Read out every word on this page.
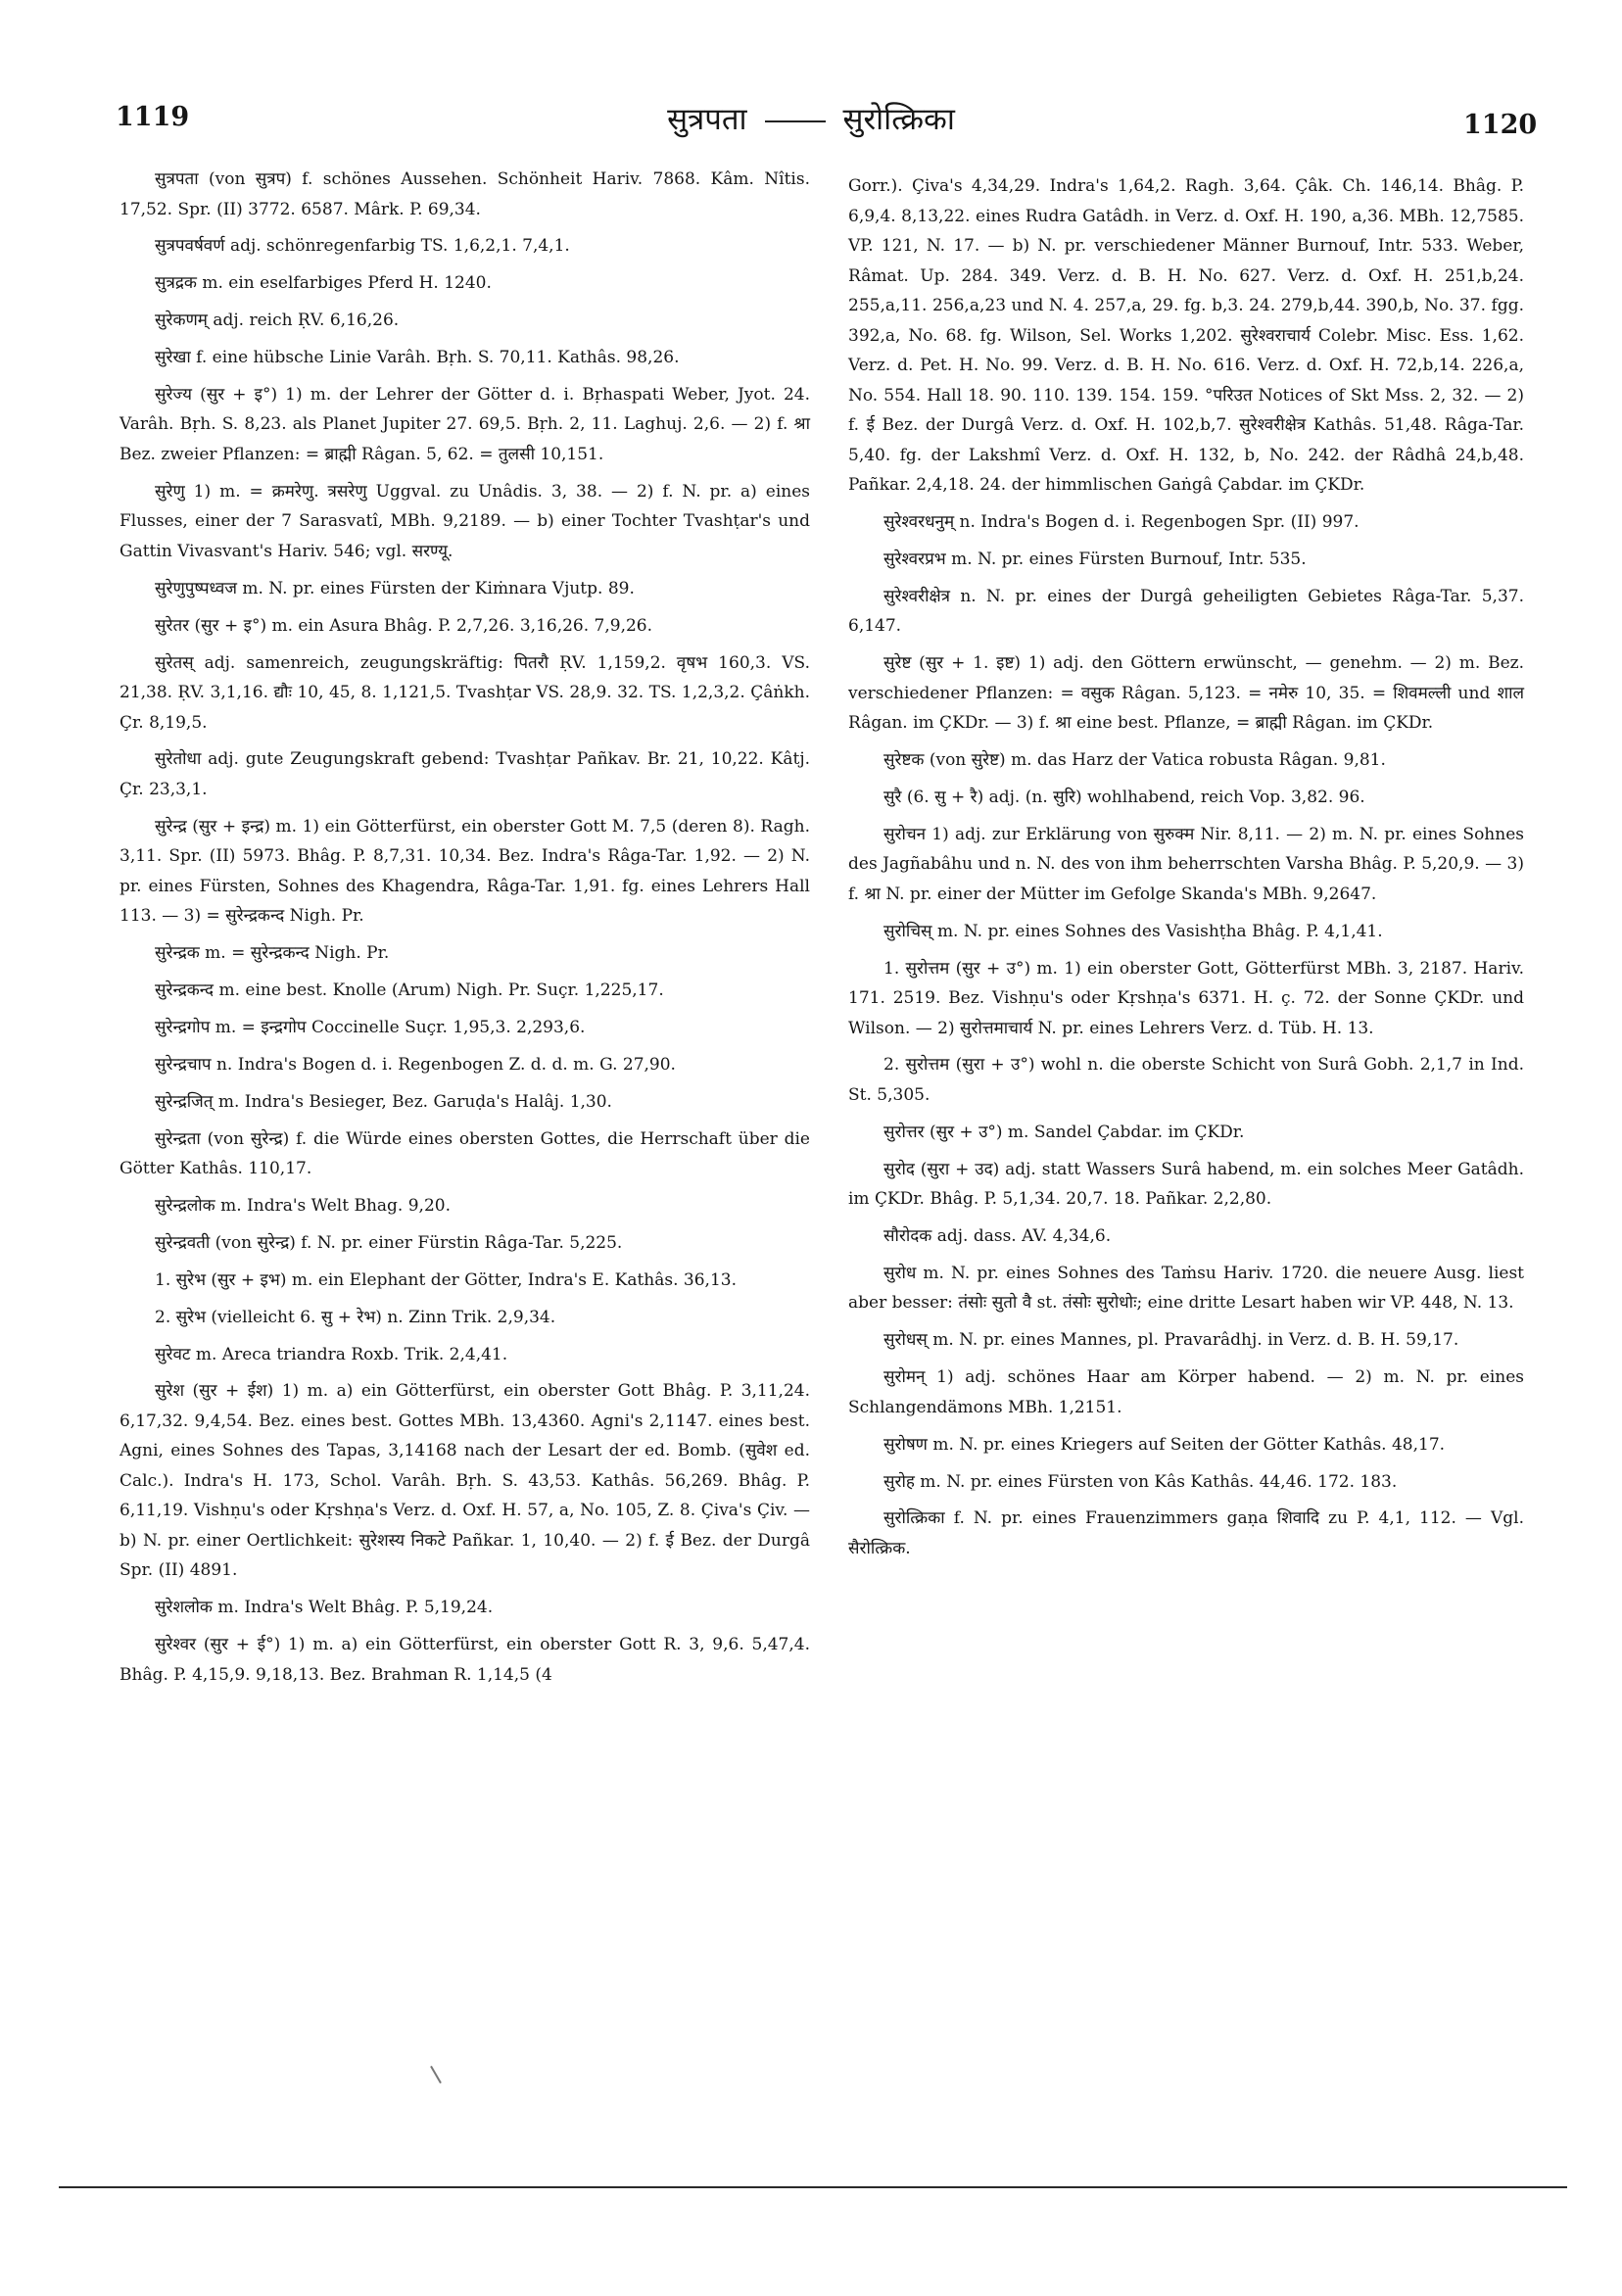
1119	सुत्रपता	सुरोत्क्रिका	1120

सुत्रपता (von सुत्रप) f. schönes Aussehen. Schönheit Hariv. 7868. Kâm. Nîtis. 17,52. Spr. (II) 3772. 6587. Mârk. P. 69,34.

सुत्रपवर्षवर्ण adj. schönregenfarbig TS. 1,6,2,1. 7,4,1.

सुत्रद्रक m. ein eselfarbiges Pferd H. 1240.

सुरेकणम् adj. reich ṚV. 6,16,26.

सुरेखा f. eine hübsche Linie Varâh. Bṛh. S. 70,11. Kathâs. 98,26.

सुरेज्य (सुर + इ°) 1) m. der Lehrer der Götter d. i. Bṛhaspati Weber, Jyot. 24. Varâh. Bṛh. S. 8,23. als Planet Jupiter 27. 69,5. Bṛh. 2, 11. Laghuj. 2,6. — 2) f. श्रा Bez. zweier Pflanzen: = ब्राह्मी Râgan. 5, 62. = तुलसी 10,151.

सुरेणु 1) m. = क्रमरेणु. त्रसरेणु Uggval. zu Unâdis. 3, 38. — 2) f. N. pr. a) eines Flusses, einer der 7 Sarasvatî, MBh. 9,2189. — b) einer Tochter Tvashṭar's und Gattin Vivasvant's Hariv. 546; vgl. सरण्यू.

सुरेणुपुष्पध्वज m. N. pr. eines Fürsten der Kiṁnara Vjutp. 89.

सुरेतर (सुर + इ°) m. ein Asura Bhâg. P. 2,7,26. 3,16,26. 7,9,26.

सुरेतस् adj. samenreich, zeugungskräftig: पितरौ ṚV. 1,159,2. वृषभ 160,3. VS. 21,38. ṚV. 3,1,16. द्यौः 10, 45, 8. 1,121,5. Tvashṭar VS. 28,9. 32. TS. 1,2,3,2. Çâṅkh. Çr. 8,19,5.

सुरेतोधा adj. gute Zeugungskraft gebend: Tvashṭar Pañkav. Br. 21, 10,22. Kâtj. Çr. 23,3,1.

सुरेन्द्र (सुर + इन्द्र) m. 1) ein Götterfürst, ein oberster Gott M. 7,5 (deren 8). Ragh. 3,11. Spr. (II) 5973. Bhâg. P. 8,7,31. 10,34. Bez. Indra's Râga-Tar. 1,92. — 2) N. pr. eines Fürsten, Sohnes des Khagendra, Râga-Tar. 1,91. fg. eines Lehrers Hall 113. — 3) = सुरेन्द्रकन्द Nigh. Pr.

सुरेन्द्रक m. = सुरेन्द्रकन्द Nigh. Pr.

सुरेन्द्रकन्द m. eine best. Knolle (Arum) Nigh. Pr. Suçr. 1,225,17.

सुरेन्द्रगोप m. = इन्द्रगोप Coccinelle Suçr. 1,95,3. 2,293,6.

सुरेन्द्रचाप n. Indra's Bogen d. i. Regenbogen Z. d. d. m. G. 27,90.

सुरेन्द्रजित् m. Indra's Besieger, Bez. Garuḍa's Halâj. 1,30.

सुरेन्द्रता (von सुरेन्द्र) f. die Würde eines obersten Gottes, die Herrschaft über die Götter Kathâs. 110,17.

सुरेन्द्रलोक m. Indra's Welt Bhag. 9,20.

सुरेन्द्रवती (von सुरेन्द्र) f. N. pr. einer Fürstin Râga-Tar. 5,225.

1. सुरेभ (सुर + इभ) m. ein Elephant der Götter, Indra's E. Kathâs. 36,13.

2. सुरेभ (vielleicht 6. सु + रेभ) n. Zinn Trik. 2,9,34.

सुरेवट m. Areca triandra Roxb. Trik. 2,4,41.

सुरेश (सुर + ईश) 1) m. a) ein Götterfürst, ein oberster Gott Bhâg. P. 3,11,24. 6,17,32. 9,4,54. Bez. eines best. Gottes MBh. 13,4360. Agni's 2,1147. eines best. Agni, eines Sohnes des Tapas, 3,14168 nach der Lesart der ed. Bomb. (सुवेश ed. Calc.). Indra's H. 173, Schol. Varâh. Bṛh. S. 43,53. Kathâs. 56,269. Bhâg. P. 6,11,19. Vishṇu's oder Kṛshṇa's Verz. d. Oxf. H. 57, a, No. 105, Z. 8. Çiva's Çiv. — b) N. pr. einer Oertlichkeit: सुरेशस्य निकटे Pañkar. 1, 10,40. — 2) f. ई Bez. der Durgâ Spr. (II) 4891.

सुरेशलोक m. Indra's Welt Bhâg. P. 5,19,24.

सुरेश्वर (सुर + ई°) 1) m. a) ein Götterfürst, ein oberster Gott R. 3, 9,6. 5,47,4. Bhâg. P. 4,15,9. 9,18,13. Bez. Brahman R. 1,14,5 (4

Gorr.). Çiva's 4,34,29. Indra's 1,64,2. Ragh. 3,64. Çâk. Ch. 146,14. Bhâg. P. 6,9,4. 8,13,22. eines Rudra Gatâdh. in Verz. d. Oxf. H. 190, a,36. MBh. 12,7585. VP. 121, N. 17. — b) N. pr. verschiedener Männer Burnouf, Intr. 533. Weber, Râmat. Up. 284. 349. Verz. d. B. H. No. 627. Verz. d. Oxf. H. 251,b,24. 255,a,11. 256,a,23 und N. 4. 257,a, 29. fg. b,3. 24. 279,b,44. 390,b, No. 37. fgg. 392,a, No. 68. fg. Wilson, Sel. Works 1,202. सुरेश्वराचार्य Colebr. Misc. Ess. 1,62. Verz. d. Pet. H. No. 99. Verz. d. B. H. No. 616. Verz. d. Oxf. H. 72,b,14. 226,a, No. 554. Hall 18. 90. 110. 139. 154. 159. °परिउत Notices of Skt Mss. 2, 32. — 2) f. ई Bez. der Durgâ Verz. d. Oxf. H. 102,b,7. सुरेश्वरीक्षेत्र Kathâs. 51,48. Râga-Tar. 5,40. fg. der Lakshmî Verz. d. Oxf. H. 132, b, No. 242. der Râdhâ 24,b,48. Pañkar. 2,4,18. 24. der himmlischen Gaṅgâ Çabdar. im ÇKDr.

सुरेश्वरधनुम् n. Indra's Bogen d. i. Regenbogen Spr. (II) 997.

सुरेश्वरप्रभ m. N. pr. eines Fürsten Burnouf, Intr. 535.

सुरेश्वरीक्षेत्र n. N. pr. eines der Durgâ geheiligten Gebietes Râga-Tar. 5,37. 6,147.

सुरेष्ट (सुर + 1. इष्ट) 1) adj. den Göttern erwünscht, — genehm. — 2) m. Bez. verschiedener Pflanzen: = वसुक Râgan. 5,123. = नमेरु 10, 35. = शिवमल्ली und शाल Râgan. im ÇKDr. — 3) f. श्रा eine best. Pflanze, = ब्राह्मी Râgan. im ÇKDr.

सुरेष्टक (von सुरेष्ट) m. das Harz der Vatica robusta Râgan. 9,81.

सुरै (6. सु + रै) adj. (n. सुरि) wohlhabend, reich Vop. 3,82. 96.

सुरोचन 1) adj. zur Erklärung von सुरुक्म Nir. 8,11. — 2) m. N. pr. eines Sohnes des Jagñabâhu und n. N. des von ihm beherrschten Varsha Bhâg. P. 5,20,9. — 3) f. श्रा N. pr. einer der Mütter im Gefolge Skanda's MBh. 9,2647.

सुरोचिस् m. N. pr. eines Sohnes des Vasishṭha Bhâg. P. 4,1,41.

1. सुरोत्तम (सुर + उ°) m. 1) ein oberster Gott, Götterfürst MBh. 3, 2187. Hariv. 171. 2519. Bez. Vishṇu's oder Kṛshṇa's 6371. H. ç. 72. der Sonne ÇKDr. und Wilson. — 2) सुरोत्तमाचार्य N. pr. eines Lehrers Verz. d. Tüb. H. 13.

2. सुरोत्तम (सुरा + उ°) wohl n. die oberste Schicht von Surâ Gobh. 2,1,7 in Ind. St. 5,305.

सुरोत्तर (सुर + उ°) m. Sandel Çabdar. im ÇKDr.

सुरोद (सुरा + उद) adj. statt Wassers Surâ habend, m. ein solches Meer Gatâdh. im ÇKDr. Bhâg. P. 5,1,34. 20,7. 18. Pañkar. 2,2,80.

सौरोदक adj. dass. AV. 4,34,6.

सुरोध m. N. pr. eines Sohnes des Taṁsu Hariv. 1720. die neuere Ausg. liest aber besser: तंसोः सुतो वै st. तंसोः सुरोधोः; eine dritte Lesart haben wir VP. 448, N. 13.

सुरोधस् m. N. pr. eines Mannes, pl. Pravarâdhj. in Verz. d. B. H. 59,17.

सुरोमन् 1) adj. schönes Haar am Körper habend. — 2) m. N. pr. eines Schlangendämons MBh. 1,2151.

सुरोषण m. N. pr. eines Kriegers auf Seiten der Götter Kathâs. 48,17.

सुरोह m. N. pr. eines Fürsten von Kâs Kathâs. 44,46. 172. 183.

सुरोत्क्रिका f. N. pr. eines Frauenzimmers gaṇa शिवादि zu P. 4,1, 112. — Vgl. सैरोत्क्रिक.
